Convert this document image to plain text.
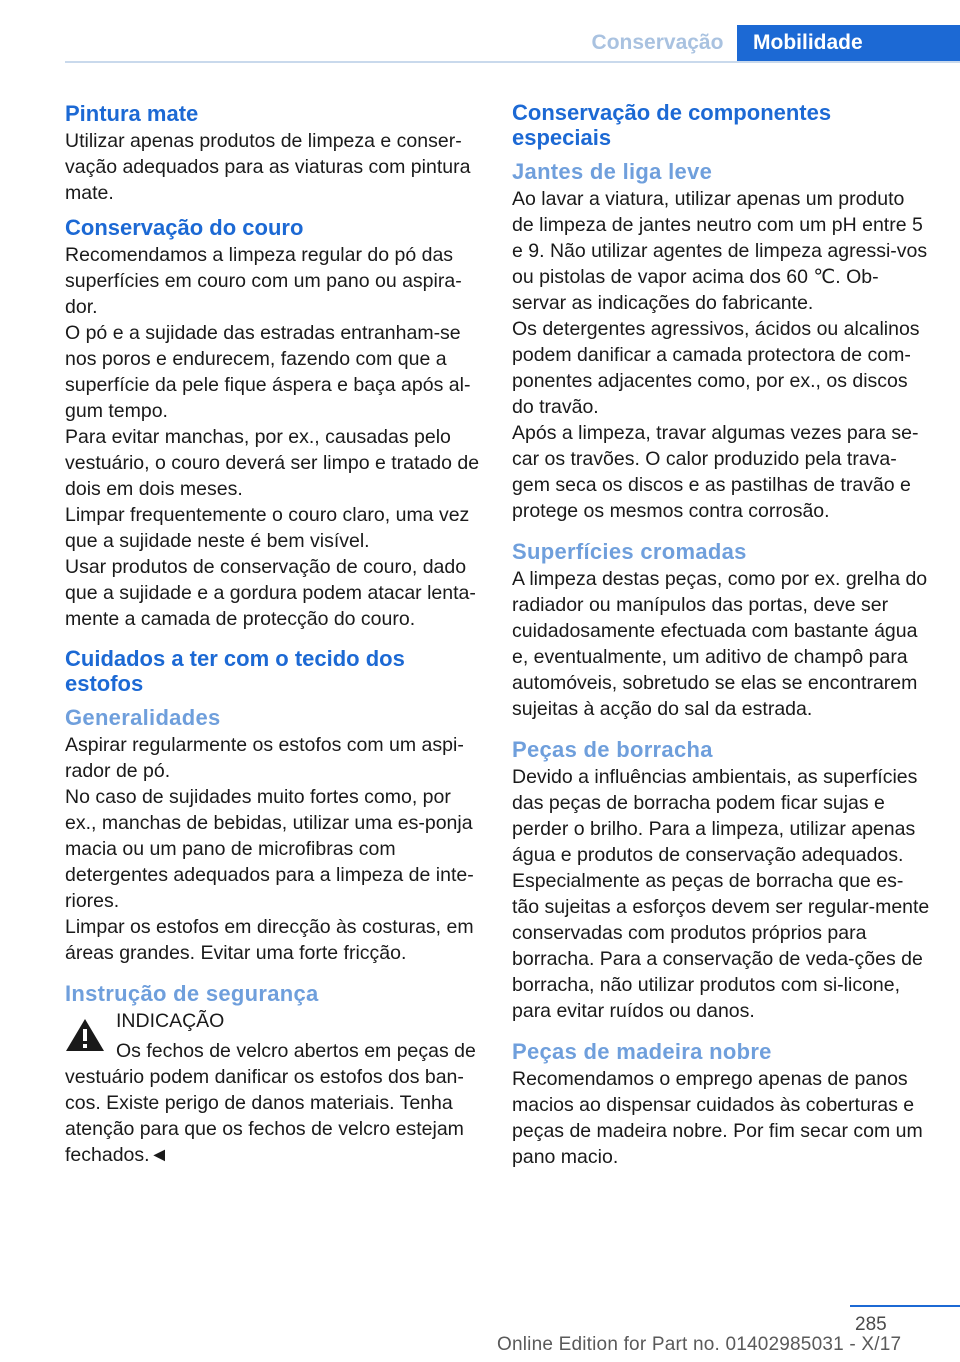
Conservação	Mobilidade
Pintura mate

Utilizar apenas produtos de limpeza e conser-vação adequados para as viaturas com pintura mate.

Conservação do couro

Recomendamos a limpeza regular do pó das superfícies em couro com um pano ou aspira-dor.

O pó e a sujidade das estradas entranham-se nos poros e endurecem, fazendo com que a superfície da pele fique áspera e baça após al-gum tempo.

Para evitar manchas, por ex., causadas pelo vestuário, o couro deverá ser limpo e tratado de dois em dois meses.

Limpar frequentemente o couro claro, uma vez que a sujidade neste é bem visível.

Usar produtos de conservação de couro, dado que a sujidade e a gordura podem atacar lenta-mente a camada de protecção do couro.

Cuidados a ter com o tecido dos estofos
Generalidades

Aspirar regularmente os estofos com um aspi-rador de pó.

No caso de sujidades muito fortes como, por ex., manchas de bebidas, utilizar uma es-ponja macia ou um pano de microfibras com detergentes adequados para a limpeza de inte-riores.

Limpar os estofos em direcção às costuras, em áreas grandes. Evitar uma forte fricção.

Instrução de segurança

INDICAÇÃO

Os fechos de velcro abertos em peças de vestuário podem danificar os estofos dos ban-cos. Existe perigo de danos materiais. Tenha atenção para que os fechos de velcro estejam fechados.◄

Conservação de componentes especiais
Jantes de liga leve

Ao lavar a viatura, utilizar apenas um produto de limpeza de jantes neutro com um pH entre 5 e 9. Não utilizar agentes de limpeza agressi-vos ou pistolas de vapor acima dos 60 ℃. Ob-servar as indicações do fabricante.

Os detergentes agressivos, ácidos ou alcalinos podem danificar a camada protectora de com-ponentes adjacentes como, por ex., os discos do travão.

Após a limpeza, travar algumas vezes para se-car os travões. O calor produzido pela trava-gem seca os discos e as pastilhas de travão e protege os mesmos contra corrosão.

Superfícies cromadas

A limpeza destas peças, como por ex. grelha do radiador ou manípulos das portas, deve ser cuidadosamente efectuada com bastante água e, eventualmente, um aditivo de champô para automóveis, sobretudo se elas se encontrarem sujeitas à acção do sal da estrada.

Peças de borracha

Devido a influências ambientais, as superfícies das peças de borracha podem ficar sujas e perder o brilho. Para a limpeza, utilizar apenas água e produtos de conservação adequados.

Especialmente as peças de borracha que es-tão sujeitas a esforços devem ser regular-mente conservadas com produtos próprios para borracha. Para a conservação de veda-ções de borracha, não utilizar produtos com si-licone, para evitar ruídos ou danos.

Peças de madeira nobre

Recomendamos o emprego apenas de panos macios ao dispensar cuidados às coberturas e peças de madeira nobre. Por fim secar com um pano macio.

285
Online Edition for Part no. 01402985031 - X/17
